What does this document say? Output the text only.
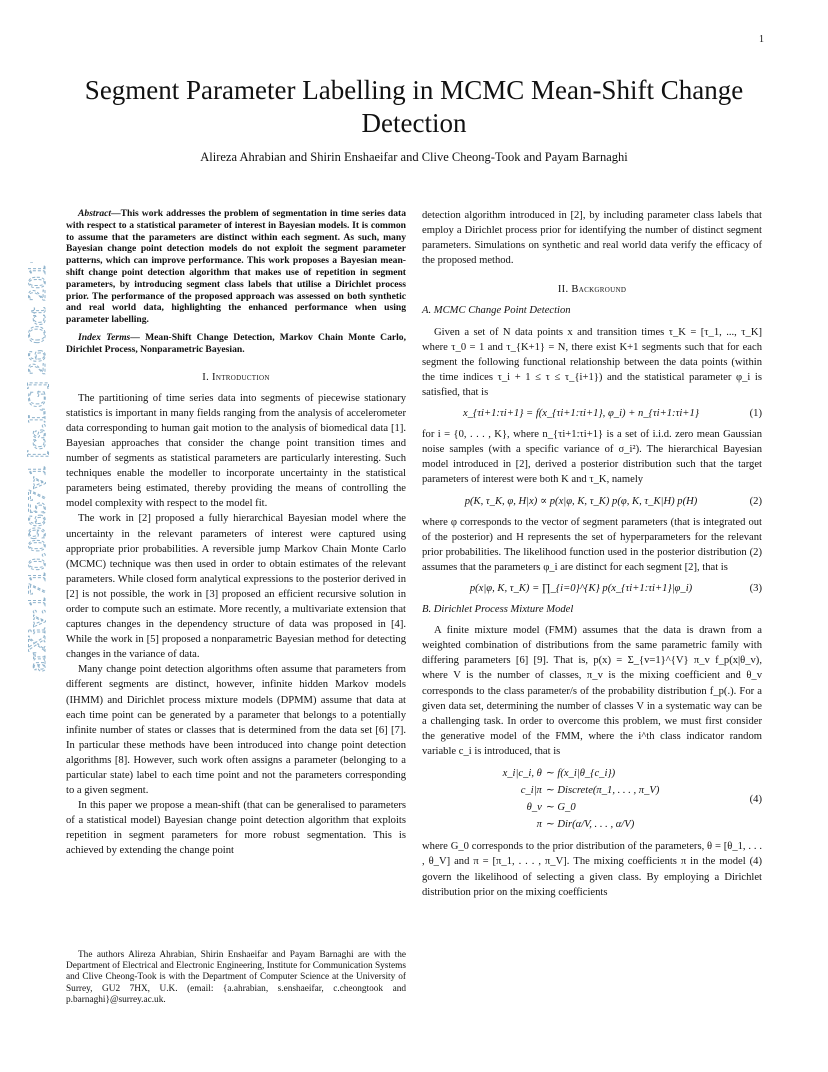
1
arXiv:1710.09657v1 [cs.LG] 26 Oct 2017
Segment Parameter Labelling in MCMC Mean-Shift Change Detection
Alireza Ahrabian and Shirin Enshaeifar and Clive Cheong-Took and Payam Barnaghi

Abstract—This work addresses the problem of segmentation in time series data with respect to a statistical parameter of interest in Bayesian models. It is common to assume that the parameters are distinct within each segment. As such, many Bayesian change point detection models do not exploit the segment parameter patterns, which can improve performance. This work proposes a Bayesian mean-shift change point detection algorithm that makes use of repetition in segment parameters, by introducing segment class labels that utilise a Dirichlet process prior. The performance of the proposed approach was assessed on both synthetic and real world data, highlighting the enhanced performance when using parameter labelling.

Index Terms— Mean-Shift Change Detection, Markov Chain Monte Carlo, Dirichlet Process, Nonparametric Bayesian.

I. Introduction

The partitioning of time series data into segments of piecewise stationary statistics is important in many fields ranging from the analysis of accelerometer data corresponding to human gait motion to the analysis of biomedical data [1]. Bayesian approaches that consider the change point transition times and number of segments as statistical parameters are particularly interesting. Such techniques enable the modeller to incorporate uncertainty in the statistical parameters being estimated, thereby providing the means of controlling the model complexity with respect to the model fit.

The work in [2] proposed a fully hierarchical Bayesian model where the uncertainty in the relevant parameters of interest were captured using appropriate prior probabilities. A reversible jump Markov Chain Monte Carlo (MCMC) technique was then used in order to obtain estimates of the relevant parameters. While closed form analytical expressions to the posterior derived in [2] is not possible, the work in [3] proposed an efficient recursive solution in order to compute such an estimate. More recently, a multivariate extension that captures changes in the dependency structure of data was proposed in [4]. While the work in [5] proposed a nonparametric Bayesian method for detecting changes in the variance of data.

Many change point detection algorithms often assume that parameters from different segments are distinct, however, infinite hidden Markov models (IHMM) and Dirichlet process mixture models (DPMM) assume that data at each time point can be generated by a parameter that belongs to a potentially infinite number of states or classes that is determined from the data set [6] [7]. In particular these methods have been introduced into change point detection algorithms [8]. However, such work often assigns a parameter (belonging to a particular state) label to each time point and not the parameters corresponding to a given segment.

In this paper we propose a mean-shift (that can be generalised to parameters of a statistical model) Bayesian change point detection algorithm that exploits repetition in segment parameters for more robust segmentation. This is achieved by extending the change point

The authors Alireza Ahrabian, Shirin Enshaeifar and Payam Barnaghi are with the Department of Electrical and Electronic Engineering, Institute for Communication Systems and Clive Cheong-Took is with the Department of Computer Science at the University of Surrey, GU2 7HX, U.K. (email: {a.ahrabian, s.enshaeifar, c.cheongtook and p.barnaghi}@surrey.ac.uk.

detection algorithm introduced in [2], by including parameter class labels that employ a Dirichlet process prior for identifying the number of distinct segment parameters. Simulations on synthetic and real world data verify the efficacy of the proposed method.

II. Background
A. MCMC Change Point Detection

Given a set of N data points x and transition times τ_K = [τ_1, ..., τ_K] where τ_0 = 1 and τ_{K+1} = N, there exist K+1 segments such that for each segment the following functional relationship between the data points (within the time indices τ_i + 1 ≤ τ ≤ τ_{i+1}) and the statistical parameter φ_i is satisfied, that is

x_{τi+1:τi+1} = f(x_{τi+1:τi+1}, φ_i) + n_{τi+1:τi+1}	(1)

for i = {0, . . . , K}, where n_{τi+1:τi+1} is a set of i.i.d. zero mean Gaussian noise samples (with a specific variance of σ_i²). The hierarchical Bayesian model introduced in [2], derived a posterior distribution such that the target parameters of interest were both K and τ_K, namely

p(K, τ_K, φ, H|x) ∝ p(x|φ, K, τ_K) p(φ, K, τ_K|H) p(H)	(2)

where φ corresponds to the vector of segment parameters (that is integrated out of the posterior) and H represents the set of hyperparameters for the relevant prior probabilities. The likelihood function used in the posterior distribution (2) assumes that the parameters φ_i are distinct for each segment [2], that is

p(x|φ, K, τ_K) = ∏_{i=0}^{K} p(x_{τi+1:τi+1}|φ_i)	(3)
B. Dirichlet Process Mixture Model

A finite mixture model (FMM) assumes that the data is drawn from a weighted combination of distributions from the same parametric family with differing parameters [6] [9]. That is, p(x) = Σ_{v=1}^{V} π_v f_p(x|θ_v), where V is the number of classes, π_v is the mixing coefficient and θ_v corresponds to the class parameter/s of the probability distribution f_p(.). For a given data set, determining the number of classes V in a systematic way can be a challenging task. In order to overcome this problem, we must first consider the generative model of the FMM, where the i^th class indicator random variable c_i is introduced, that is

x_i|c_i, θ	∼ f(x_i|θ_{c_i})
c_i|π	∼ Discrete(π_1, . . . , π_V)
θ_v	∼ G_0
π	∼ Dir(α/V, . . . , α/V)
(4)

where G_0 corresponds to the prior distribution of the parameters, θ = [θ_1, . . . , θ_V] and π = [π_1, . . . , π_V]. The mixing coefficients π in the model (4) govern the likelihood of selecting a given class. By employing a Dirichlet distribution prior on the mixing coefficients
